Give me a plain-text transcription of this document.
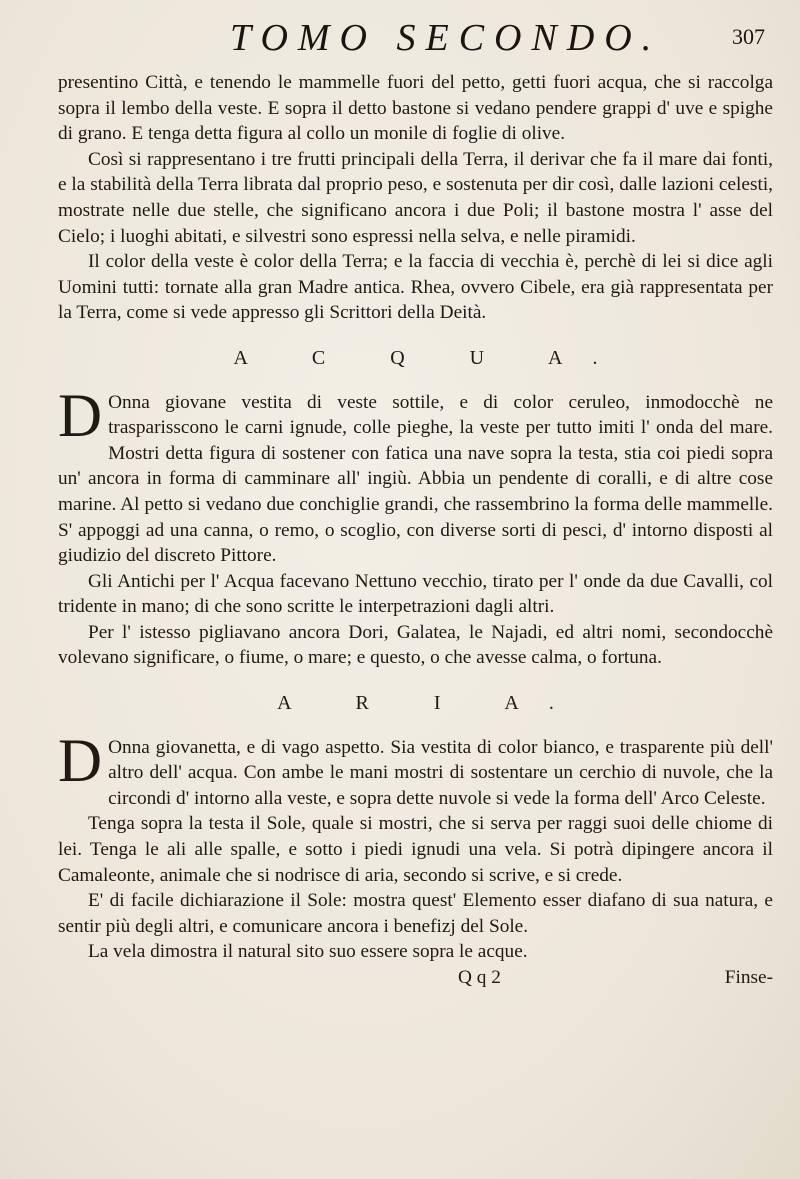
TOMO SECONDO.	307

presentino Città, e tenendo le mammelle fuori del petto, getti fuori acqua, che si raccolga sopra il lembo della veste. E sopra il detto bastone si vedano pendere grappi d' uve e spighe di grano. E tenga detta figura al collo un monile di foglie di olive.

Così si rappresentano i tre frutti principali della Terra, il derivar che fa il mare dai fonti, e la stabilità della Terra librata dal proprio peso, e sostenuta per dir così, dalle lazioni celesti, mostrate nelle due stelle, che significano ancora i due Poli; il bastone mostra l' asse del Cielo; i luoghi abitati, e silvestri sono espressi nella selva, e nelle piramidi.

Il color della veste è color della Terra; e la faccia di vecchia è, perchè di lei si dice agli Uomini tutti: tornate alla gran Madre antica. Rhea, ovvero Cibele, era già rappresentata per la Terra, come si vede appresso gli Scrittori della Deità.

A C Q U A.

DOnna giovane vestita di veste sottile, e di color ceruleo, inmodocchè ne trasparisscono le carni ignude, colle pieghe, la veste per tutto imiti l' onda del mare. Mostri detta figura di sostener con fatica una nave sopra la testa, stia coi piedi sopra un' ancora in forma di camminare all' ingiù. Abbia un pendente di coralli, e di altre cose marine. Al petto si vedano due conchiglie grandi, che rassembrino la forma delle mammelle. S' appoggi ad una canna, o remo, o scoglio, con diverse sorti di pesci, d' intorno disposti al giudizio del discreto Pittore.

Gli Antichi per l' Acqua facevano Nettuno vecchio, tirato per l' onde da due Cavalli, col tridente in mano; di che sono scritte le interpetrazioni dagli altri.

Per l' istesso pigliavano ancora Dori, Galatea, le Najadi, ed altri nomi, secondocchè volevano significare, o fiume, o mare; e questo, o che avesse calma, o fortuna.

A R I A.

DOnna giovanetta, e di vago aspetto. Sia vestita di color bianco, e trasparente più dell' altro dell' acqua. Con ambe le mani mostri di sostentare un cerchio di nuvole, che la circondi d' intorno alla veste, e sopra dette nuvole si vede la forma dell' Arco Celeste.

Tenga sopra la testa il Sole, quale si mostri, che si serva per raggi suoi delle chiome di lei. Tenga le ali alle spalle, e sotto i piedi ignudi una vela. Si potrà dipingere ancora il Camaleonte, animale che si nodrisce di aria, secondo si scrive, e si crede.

E' di facile dichiarazione il Sole: mostra quest' Elemento esser diafano di sua natura, e sentir più degli altri, e comunicare ancora i benefizj del Sole.

La vela dimostra il natural sito suo essere sopra le acque.

Q q 2	Finse-
